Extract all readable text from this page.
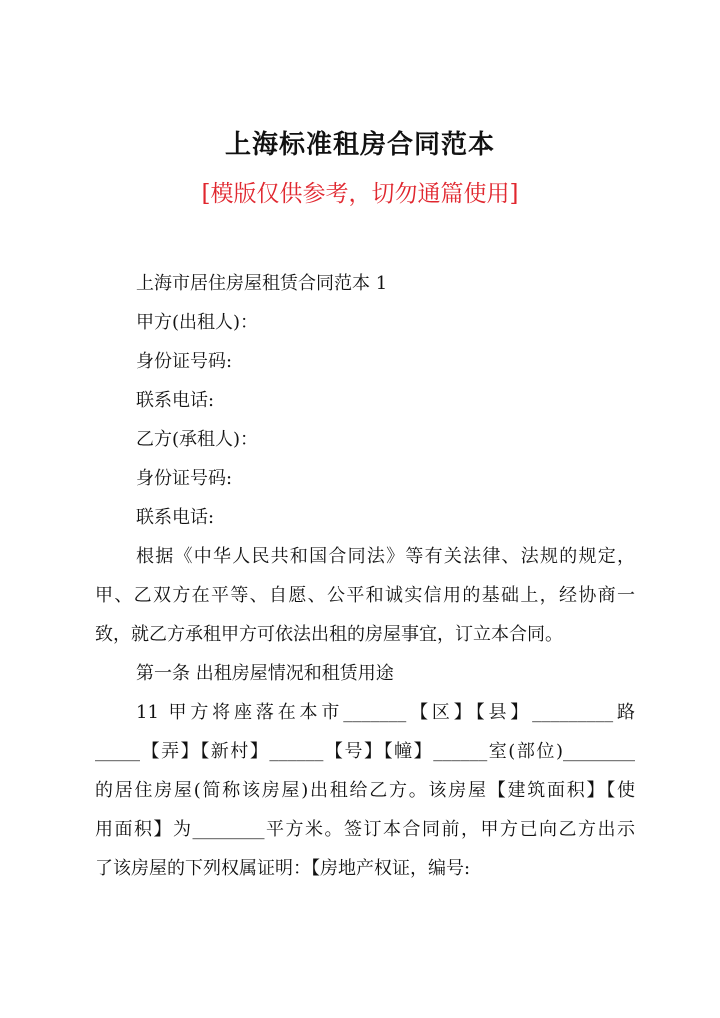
上海标准租房合同范本
[模版仅供参考，切勿通篇使用]
上海市居住房屋租赁合同范本 1
甲方(出租人)：
身份证号码:
联系电话:
乙方(承租人)：
身份证号码:
联系电话:
根据《中华人民共和国合同法》等有关法律、法规的规定，
甲、乙双方在平等、自愿、公平和诚实信用的基础上，经协商一
致，就乙方承租甲方可依法出租的房屋事宜，订立本合同。
第一条 出租房屋情况和租赁用途
11 甲方将座落在本市_______【区】【县】_________路
_____【弄】【新村】______【号】【幢】______室(部位)________
的居住房屋(简称该房屋)出租给乙方。该房屋【建筑面积】【使
用面积】为________平方米。签订本合同前，甲方已向乙方出示
了该房屋的下列权属证明：【房地产权证，编号:
